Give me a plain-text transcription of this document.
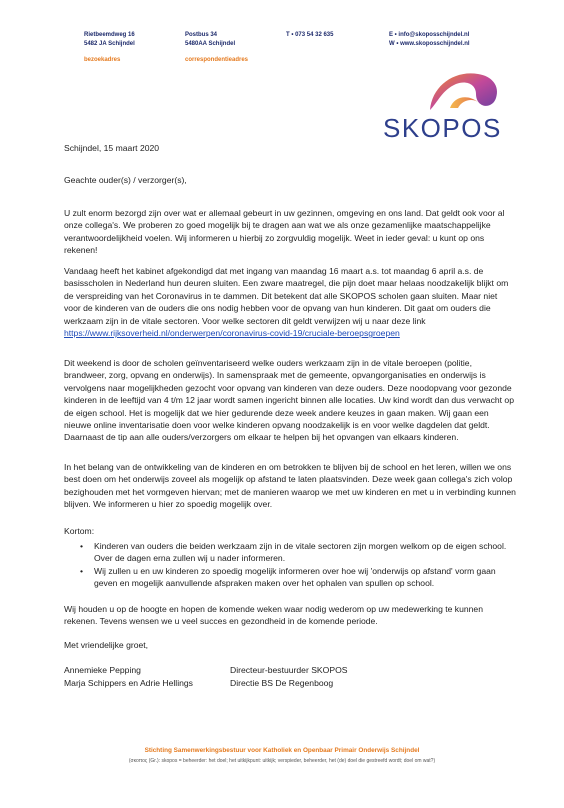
Rietbeemdweg 16
5482 JA Schijndel
bezoekadres
Postbus 34
5480AA Schijndel
correspondentieadres
T • 073 54 32 635	E • info@skoposschijndel.nl
W • www.skoposschijndel.nl
SKOPOS
Schijndel, 15 maart 2020
Geachte ouder(s) / verzorger(s),
U zult enorm bezorgd zijn over wat er allemaal gebeurt in uw gezinnen, omgeving en ons land. Dat geldt ook voor al onze collega's. We proberen zo goed mogelijk bij te dragen aan wat we als onze gezamenlijke maatschappelijke verantwoordelijkheid voelen. Wij informeren u hierbij zo zorgvuldig mogelijk. Weet in ieder geval: u kunt op ons rekenen!
Vandaag heeft het kabinet afgekondigd dat met ingang van maandag 16 maart a.s. tot maandag 6 april a.s. de basisscholen in Nederland hun deuren sluiten. Een zware maatregel, die pijn doet maar helaas noodzakelijk blijkt om de verspreiding van het Coronavirus in te dammen. Dit betekent dat alle SKOPOS scholen gaan sluiten. Maar niet voor de kinderen van de ouders die ons nodig hebben voor de opvang van hun kinderen. Dit gaat om ouders die werkzaam zijn in de vitale sectoren. Voor welke sectoren dit geldt verwijzen wij u naar deze link https://www.rijksoverheid.nl/onderwerpen/coronavirus-covid-19/cruciale-beroepsgroepen
Dit weekend is door de scholen geïnventariseerd welke ouders werkzaam zijn in de vitale beroepen (politie, brandweer, zorg, opvang en onderwijs). In samenspraak met de gemeente, opvangorganisaties en onderwijs is vervolgens naar mogelijkheden gezocht voor opvang van kinderen van deze ouders. Deze noodopvang voor gezonde kinderen in de leeftijd van 4 t/m 12 jaar wordt samen ingericht binnen alle locaties. Uw kind wordt dan dus verwacht op de eigen school. Het is mogelijk dat we hier gedurende deze week andere keuzes in gaan maken. Wij gaan een nieuwe online inventarisatie doen voor welke kinderen opvang noodzakelijk is en voor welke dagdelen dat geldt. Daarnaast de tip aan alle ouders/verzorgers om elkaar te helpen bij het opvangen van elkaars kinderen.
In het belang van de ontwikkeling van de kinderen en om betrokken te blijven bij de school en het leren, willen we ons best doen om het onderwijs zoveel als mogelijk op afstand te laten plaatsvinden. Deze week gaan collega's zich volop bezighouden met het vormgeven hiervan; met de manieren waarop we met uw kinderen en met u in verbinding kunnen blijven. We informeren u hier zo spoedig mogelijk over.
Kortom:
• Kinderen van ouders die beiden werkzaam zijn in de vitale sectoren zijn morgen welkom op de eigen school. Over de dagen erna zullen wij u nader informeren.
• Wij zullen u en uw kinderen zo spoedig mogelijk informeren over hoe wij 'onderwijs op afstand' vorm gaan geven en mogelijk aanvullende afspraken maken over het ophalen van spullen op school.
Wij houden u op de hoogte en hopen de komende weken waar nodig wederom op uw medewerking te kunnen rekenen. Tevens wensen we u veel succes en gezondheid in de komende periode.
Met vriendelijke groet,
Annemieke Pepping	Directeur-bestuurder SKOPOS
Marja Schippers en Adrie Hellings	Directie BS De Regenboog
Stichting Samenwerkingsbestuur voor Katholiek en Openbaar Primair Onderwijs Schijndel
(σκοπος (Gr.): skopos = beheerder: het doel; het uitkijkpunt: uitkijk; verspieder, beheerder, het (de) doel die gestreefd wordt; doel om wat?)
